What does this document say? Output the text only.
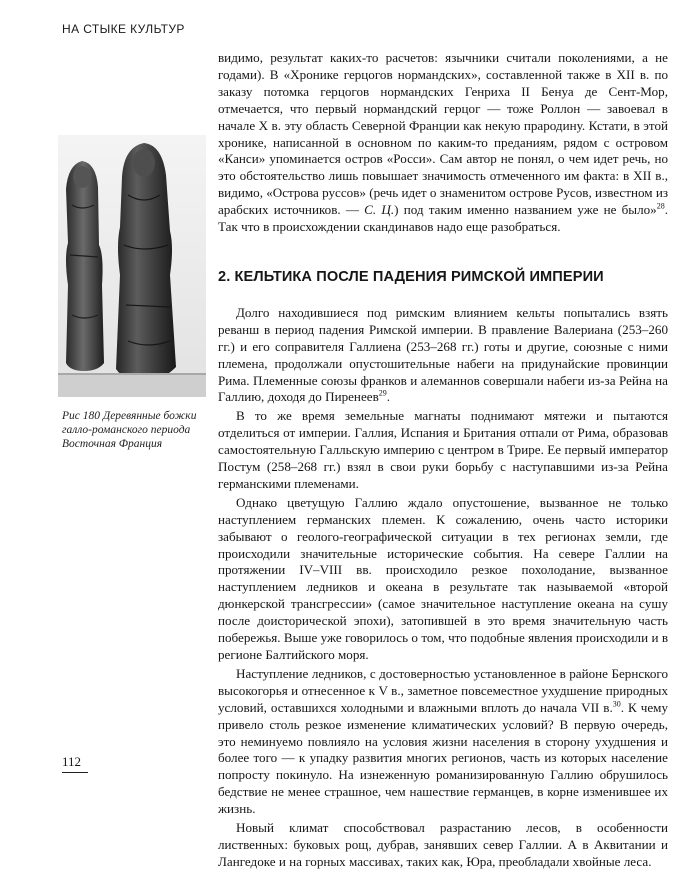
НА СТЫКЕ КУЛЬТУР
Рис 180 Деревянные божки галло-романского периода Восточная Франция

видимо, результат каких-то расчетов: язычники считали поколениями, а не годами). В «Хронике герцогов нормандских», составленной также в XII в. по заказу потомка герцогов нормандских Генриха II Бенуа де Сент-Мор, отмечается, что первый нормандский герцог — тоже Роллон — завоевал в начале X в. эту область Северной Франции как некую прародину. Кстати, в этой хронике, написанной в основном по каким-то преданиям, рядом с островом «Канси» упоминается остров «Росси». Сам автор не понял, о чем идет речь, но это обстоятельство лишь повышает значимость отмеченного им факта: в XII в., видимо, «Острова руссов» (речь идет о знаменитом острове Русов, известном из арабских источников. — С. Ц.) под таким именно названием уже не было»$^{28}$. Так что в происхождении скандинавов надо еще разобраться.

2. КЕЛЬТИКА ПОСЛЕ ПАДЕНИЯ РИМСКОЙ ИМПЕРИИ

Долго находившиеся под римским влиянием кельты попытались взять реванш в период падения Римской империи. В правление Валериана (253–260 гг.) и его соправителя Галлиена (253–268 гг.) готы и другие, союзные с ними племена, продолжали опустошительные набеги на придунайские провинции Рима. Племенные союзы франков и алеманнов совершали набеги из-за Рейна на Галлию, доходя до Пиренеев$^{29}$.

В то же время земельные магнаты поднимают мятежи и пытаются отделиться от империи. Галлия, Испания и Британия отпали от Рима, образовав самостоятельную Галльскую империю с центром в Трире. Ее первый император Постум (258–268 гг.) взял в свои руки борьбу с наступавшими из-за Рейна германскими племенами.

Однако цветущую Галлию ждало опустошение, вызванное не только наступлением германских племен. К сожалению, очень часто историки забывают о геолого-географической ситуации в тех регионах земли, где происходили значительные исторические события. На севере Галлии на протяжении IV–VIII вв. происходило резкое похолодание, вызванное наступлением ледников и океана в результате так называемой «второй дюнкерской трансгрессии» (самое значительное наступление океана на сушу после доисторической эпохи), затопившей в это время значительную часть побережья. Выше уже говорилось о том, что подобные явления происходили и в регионе Балтийского моря.

Наступление ледников, с достоверностью установленное в районе Бернского высокогорья и отнесенное к V в., заметное повсеместное ухудшение природных условий, оставшихся холодными и влажными вплоть до начала VII в.$^{30}$. К чему привело столь резкое изменение климатических условий? В первую очередь, это неминуемо повлияло на условия жизни населения в сторону ухудшения и более того — к упадку развития многих регионов, часть из которых население попросту покинуло. На изнеженную романизированную Галлию обрушилось бедствие не менее страшное, чем нашествие германцев, в корне изменившее их жизнь.

Новый климат способствовал разрастанию лесов, в особенности лиственных: буковых рощ, дубрав, занявших север Галлии. А в Аквитании и Лангедоке и на горных массивах, таких как, Юра, преобладали хвойные леса.

112
